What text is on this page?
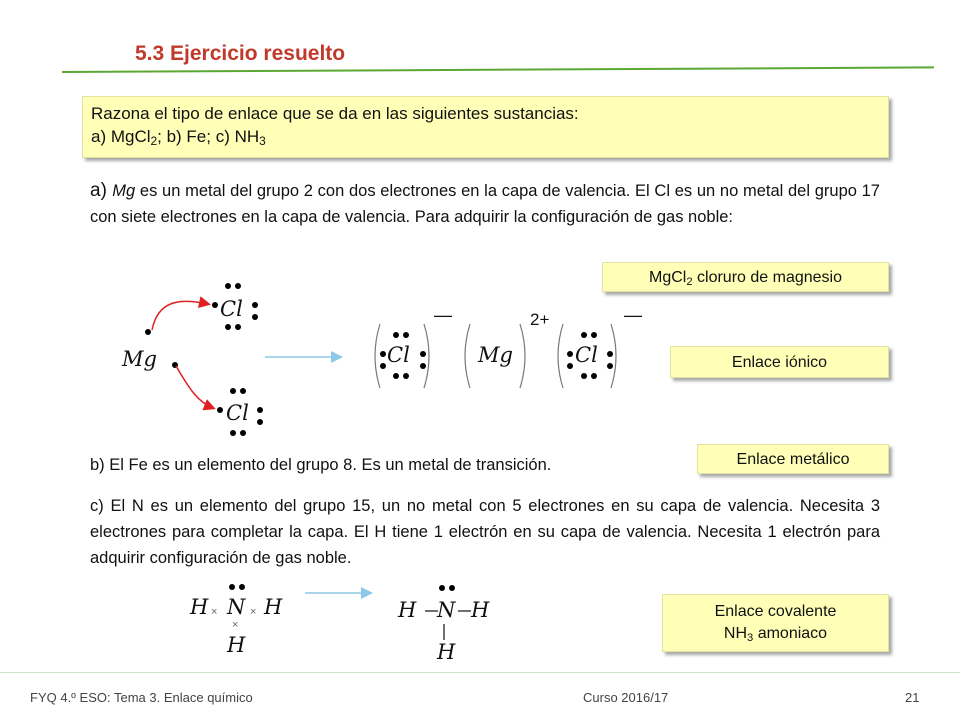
5.3 Ejercicio resuelto
Razona el tipo de enlace que se da en las siguientes sustancias:
a) MgCl$_2$; b) Fe; c) $NH_3$
a) Mg es un metal del grupo 2 con dos electrones en la capa de valencia. El Cl es un no metal del grupo 17 con siete electrones en la capa de valencia. Para adquirir la configuración de gas noble:
MgCl$_2$ cloruro de magnesio
Enlace iónico
Enlace metálico
Enlace covalente
$NH_3$ amoniaco
Mg
Cl
Cl
Cl
—
Mg
2+
Cl
—
b) El Fe es un elemento del grupo 8. Es un metal de transición.
c) El N es un elemento del grupo 15, un no metal con 5 electrones en su capa de valencia. Necesita 3 electrones para completar la capa. El H tiene 1 electrón en su capa de valencia. Necesita 1 electrón para adquirir configuración de gas noble.
H × N × H
×
H
H N H
H
FYQ 4.º ESO: Tema 3. Enlace químico	Curso 2016/17	21
